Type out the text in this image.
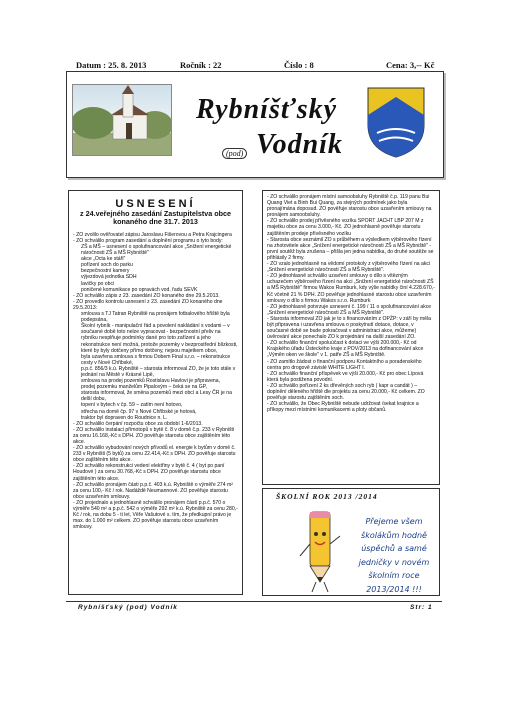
Datum : 25. 8. 2013	Ročník : 22	Číslo : 8	Cena: 3,-- Kč
Rybníšťský
Vodník
(pod)
USNESENÍ
z 24.veřejného zasedání Zastupitelstva obce konaného dne 31.7. 2013

- ZO zvolilo ověřovatel zápisu Jaroslavu Fišerovou a Petra Krajcingera

- ZO schválilo program zasedání a doplnění programu o tyto body:

ZŠ a MŠ – usnesení o spolufinancování akce „Snížení energetické náročnosti ZŠ a MŠ Rybniště"

akce „Octa ke stáři"

pořízení soch do parku

bezpečnostní kamery

výjezdová jednotka SDH

lavičky po obci

poničené komunikace po opravách vod. řadu SEVK

- ZO schválilo zápis z 23. zasedání ZO konaného dne 29.5.2013.

- ZO provedlo kontrolu usnesení z 23. zasedání ZO konaného dne 29.5.2013:

smlouva s TJ Tatran Rybniště na pronájem fotbalového hřiště byla podepsána,

Školní rybník - manipulační řád a povolení nakládání s vodami – v současné době toto nelze vypracovat - bezpečnostní přeliv na rybníku nesplňuje podmínky dané pro toto zařízení a jeho rekonstrukce není možná, protože pozemky v bezprostřední blízkosti, které by byly dotčeny přímo dotčeny, nejsou majetkem obce,

byla uzavřena smlouva s firmou Dobem Final s.r.o. – rekonstrukce cesty v Nové Chřibské,

p.p.č. 856/3 k.ú. Rybniště – starosta informoval ZO, že je toto stále v jednání na Městě v Krásné Lipě,

smlouva na prodej pozemků Rostislavu Havlovi je připravena,

prodej pozemku manželům Pipalovým – čeká se na GP,

starosta informoval, že směna pozemků mezi obcí a Lesy ČR je na delší dobu,

topení v bytech v čp. 59 – zatím není hotovo,

střecha na domě čp. 97 v Nové Chřibské je hotová,

traktor byl dopraven do Roudnice n. L.

- ZO schválilo čerpání rozpočtu obce za období 1-6/2013.

- ZO schválilo instalaci přímotopů v bytě č. 8 v domě č.p. 233 v Rybništi za cenu 16.168,-Kč s DPH. ZO pověřuje starostu obce zajištěním této akce.

- ZO schválilo vybudování nových přívodů el. energie k bytům v domě č. 233 v Rybništi (5 bytů) za cenu 22.414,-Kč s DPH. ZO pověřuje starostu obce zajištěním této akce.

- ZO schválilo rekonstrukci vedení elektřiny v bytě č. 4 ( byt po paní Houdové ) za cenu 30.768,-Kč s DPH. ZO pověřuje starostu obce zajištěním této akce.

- ZO schválilo pronájem části p.p.č. 403 k.ú. Rybniště o výměře 274 m² za cenu 100,- Kč / rok. Nadáždě Neumannové. ZO pověřuje starostu obce uzavřením smlouvy.

- ZO projednalo a jednohlasně schválilo pronájem částí p.p.č. 570 o výměře 540 m² a p.p.č. 542 o výměře 292 m² k.ú. Rybniště za cenu 280,-Kč / rok, na dobu 5 - ti let, Věře Vašutové s. tím, že předkupní právo je max. do 1.000 m² celkem. ZO pověřuje starostu obce uzavřením smlouvy.

- ZO schválilo pronájem místní samoobsluhy Rybniště č.p. 119 panu Bui Quang Viet a Binh Bui Quang, za stejných podmínek jako byla pronajímána doposud. ZO pověřuje starostu obce uzavřením smlouvy na pronájem samoobsluhy.

- ZO schválilo prodej přívěsného vozíku SPORT JACHT LBP 207 M z majetku obce za cenu 3.000,- Kč. ZO jednohlasně pověřuje starostu zajištěním prodeje přívěsného vozíku

- Starosta obce seznámil ZO s průběhem a výsledkem výběrového řízení na zhotovitele akce „Snížení energetické náročnosti ZŠ a MŠ Rybniště" - první soutěž byla zrušena – přišla jen jedna nabídka, do druhé soutěže se přihlásily 2 firmy.

- ZO vzalo jednohlasně na vědomí protokoly z výběrového řízení na akci „Snížení energetické náročnosti ZŠ a MŠ Rybniště".

- ZO jednohlasně schválilo uzavření smlouvy o dílo s vítězným uchazečem výběrového řízení na akci „Snížení energetické náročnosti ZŠ a MŠ Rybniště" firmou Wakos Rumburk, kdy výše nabídky činí 4.228.670,- Kč včetně 21 % DPH. ZO pověřuje jednohlasně starostu obce uzavřením smlouvy o dílo s firmou Wakos s.r.o. Rumburk

- ZO jednohlasně potvrzuje usnesení č. 199 / 11 o spolufinancování akce „Snížení energetické náročnosti ZŠ a MŠ Rybniště".

- Starosta informoval ZO jak je to s financováním z OPŽP: v září by měla být připravena i uzavřena smlouva o poskytnutí dotace, dotace, v současné době se bude pokračovat v administraci akce, můžeme) úvěrování akce ponechalo ZO k projednání na další zasedání ZO.

- ZO schválilo finanční spoluúčast k dotaci ve výši 200.000,- Kč od Krajského úřadu Ústeckého kraje z POV/2013 na dofinancování akce „Výměn oken ve škole" v 1. patře ZŠ a MŠ Rybniště.

- ZO zamítlo žádost o finanční podporu Kontaktního a poradenského centra pro drogově závislé WHITE LIGHT I.

- ZO schválilo finanční příspěvek ve výši 20.000,- Kč pro obec Lípová která byla postižena povodní.

- ZO schválilo pořízení 2 ks dřevěných soch ryb ( kapr a candát ) – doplnění děleného hřiště dle projektu za cenu 20.000,- Kč celkem. ZO pověřuje starostu zajištěním soch.

- ZO schválilo, že Obec Rybniště nebude udržovat /sekat krajnice a příkopy mezi místními komunikacemi a ploty občanů.

ŠKOLNÍ ROK 2013 /2014
Přejeme všem
školákům hodně
úspěchů a samé
jedničky v novém
školním roce
2013/2014 !!!
Rybníšťský (pod) Vodník	Str: 1
